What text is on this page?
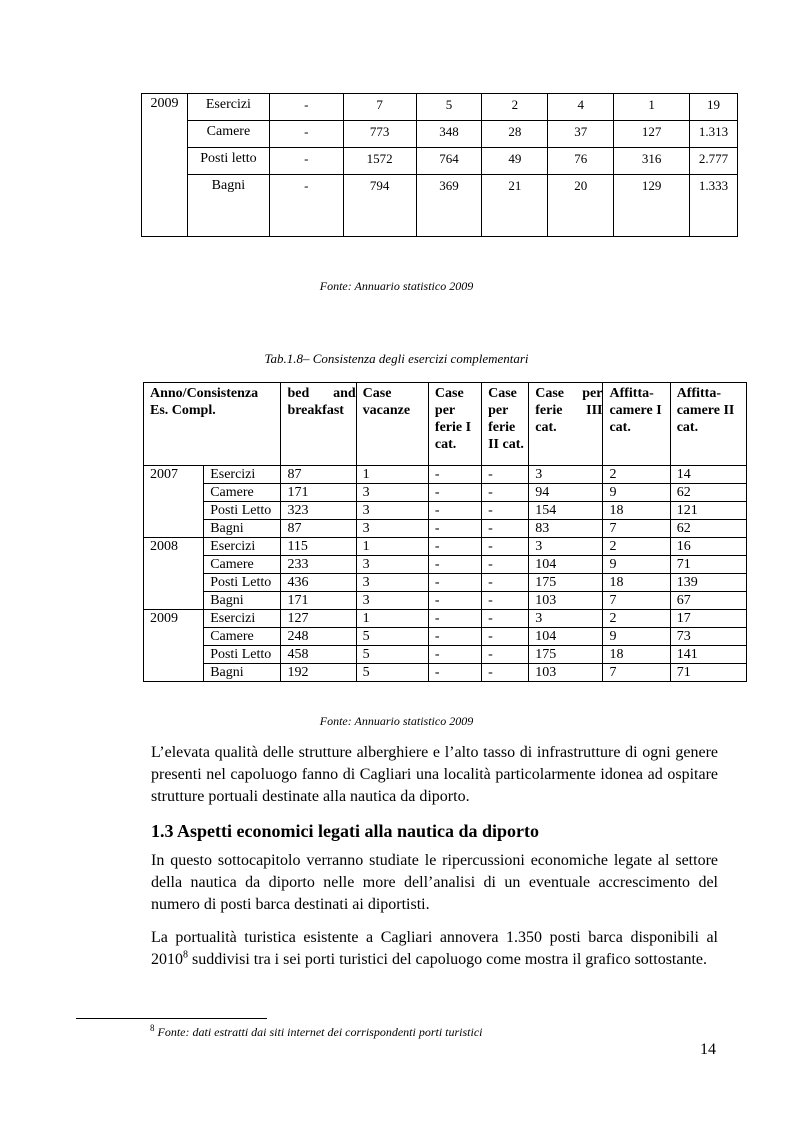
2009	Esercizi	-	7	5	2	4	1	19
	Camere	-	773	348	28	37	127	1.313
	Posti letto	-	1572	764	49	76	316	2.777
	Bagni	-	794	369	21	20	129	1.333
Fonte: Annuario statistico 2009
Tab.1.8– Consistenza degli esercizi complementari
Anno/Consistenza
Es. Compl.		bed and breakfast	Case vacanze	Case per ferie I cat.	Case per ferie II cat.	Case per ferie III cat.	Affitta-camere I cat.	Affitta-camere II cat.
2007	Esercizi	87	1	-	-	3	2	14
	Camere	171	3	-	-	94	9	62
	Posti Letto	323	3	-	-	154	18	121
	Bagni	87	3	-	-	83	7	62
2008	Esercizi	115	1	-	-	3	2	16
	Camere	233	3	-	-	104	9	71
	Posti Letto	436	3	-	-	175	18	139
	Bagni	171	3	-	-	103	7	67
2009	Esercizi	127	1	-	-	3	2	17
	Camere	248	5	-	-	104	9	73
	Posti Letto	458	5	-	-	175	18	141
	Bagni	192	5	-	-	103	7	71
Fonte: Annuario statistico 2009
L’elevata qualità delle strutture alberghiere e l’alto tasso di infrastrutture di ogni genere presenti nel capoluogo fanno di Cagliari una località particolarmente idonea ad ospitare strutture portuali destinate alla nautica da diporto.
1.3 Aspetti economici legati alla nautica da diporto
In questo sottocapitolo verranno studiate le ripercussioni economiche legate al settore della nautica da diporto nelle more dell’analisi di un eventuale accrescimento del numero di posti barca destinati ai diportisti.
La portualità turistica esistente a Cagliari annovera 1.350 posti barca disponibili al 2010$^8$ suddivisi tra i sei porti turistici del capoluogo come mostra il grafico sottostante.
$^8$ Fonte: dati estratti dai siti internet dei corrispondenti porti turistici
14
